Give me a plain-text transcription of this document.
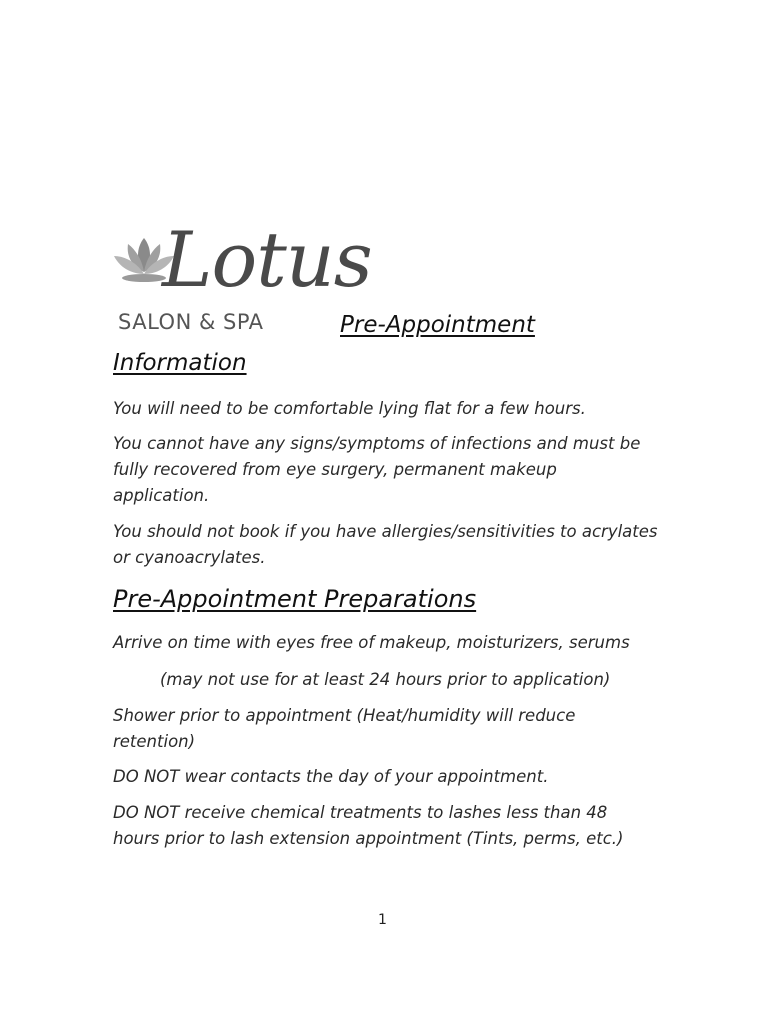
Lotus
SALON & SPA	Pre-Appointment
Information
You will need to be comfortable lying flat for a few hours.
You cannot have any signs/symptoms of infections and must be fully recovered from eye surgery, permanent makeup application.
You should not book if you have allergies/sensitivities to acrylates or cyanoacrylates.
Pre-Appointment Preparations
Arrive on time with eyes free of makeup, moisturizers, serums
(may not use for at least 24 hours prior to application)
Shower prior to appointment (Heat/humidity will reduce retention)
DO NOT wear contacts the day of your appointment.
DO NOT receive chemical treatments to lashes less than 48 hours prior to lash extension appointment (Tints, perms, etc.)
1
